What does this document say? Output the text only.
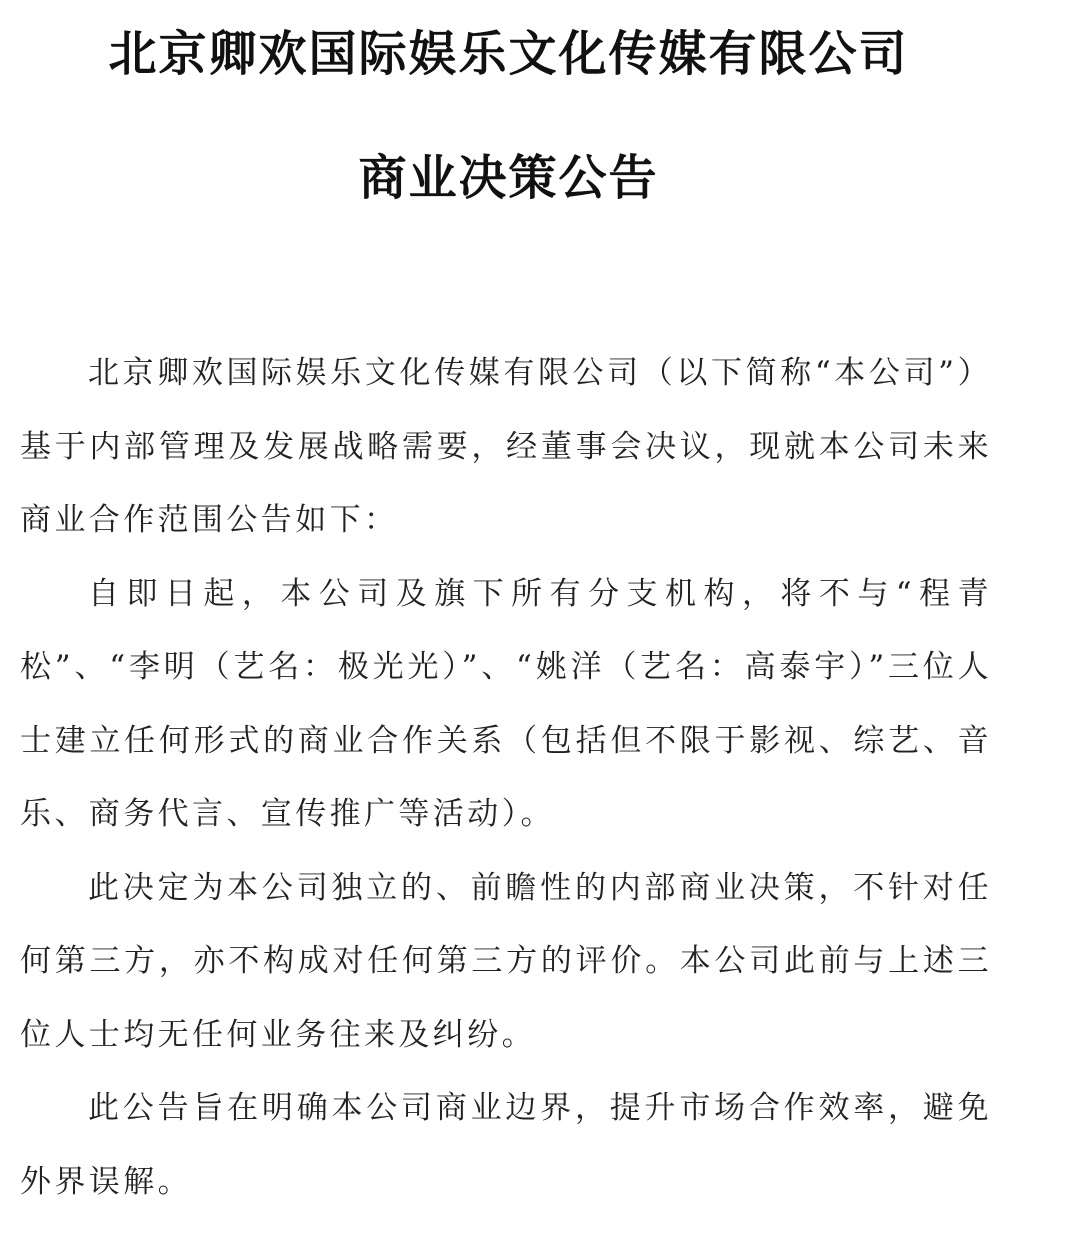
北京卿欢国际娱乐文化传媒有限公司
商业决策公告

北京卿欢国际娱乐文化传媒有限公司（以下简称“本公司”）基于内部管理及发展战略需要，经董事会决议，现就本公司未来商业合作范围公告如下：

自即日起，本公司及旗下所有分支机构，将不与“程青松”、“李明（艺名：极光光）”、“姚洋（艺名：高泰宇）”三位人士建立任何形式的商业合作关系（包括但不限于影视、综艺、音乐、商务代言、宣传推广等活动）。

此决定为本公司独立的、前瞻性的内部商业决策，不针对任何第三方，亦不构成对任何第三方的评价。本公司此前与上述三位人士均无任何业务往来及纠纷。

此公告旨在明确本公司商业边界，提升市场合作效率，避免外界误解。
